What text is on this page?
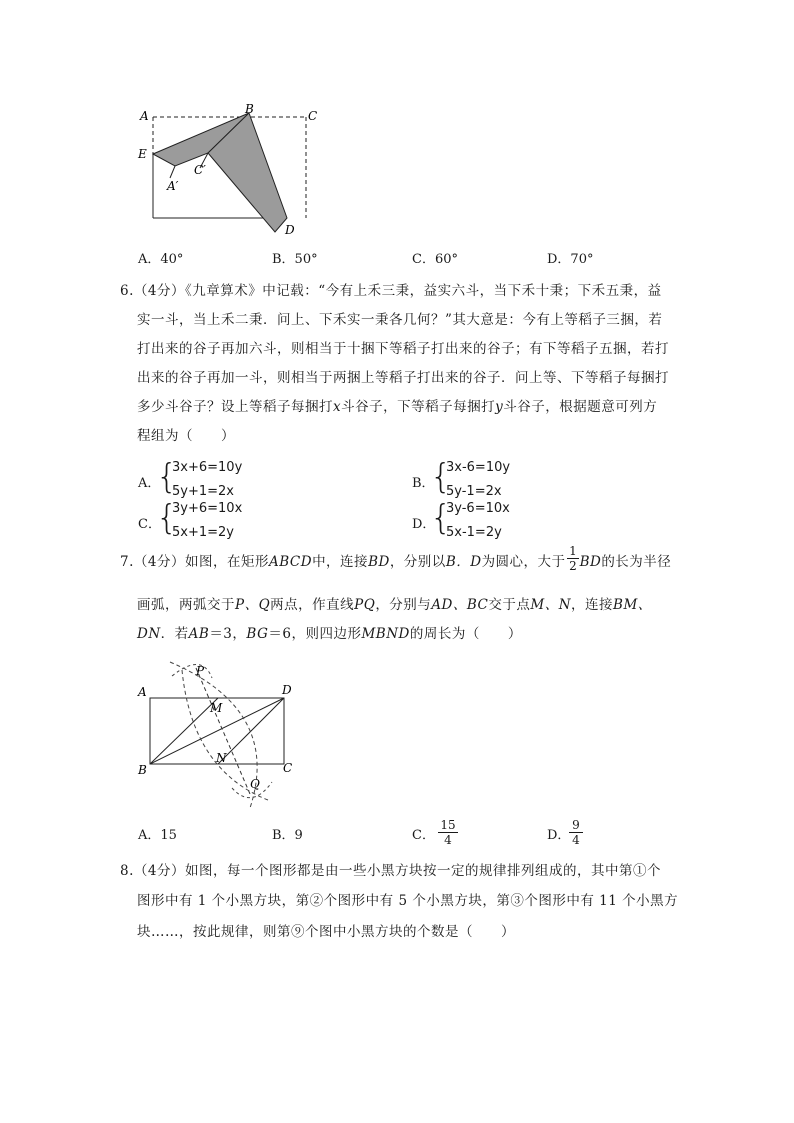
A	B	C
E
A′
C′
D
A．40°	B．50°	C．60°	D．70°
6.（4分）《九章算术》中记载：“今有上禾三秉，益实六斗，当下禾十秉；下禾五秉，益
实一斗，当上禾二秉．问上、下禾实一秉各几何？”其大意是：今有上等稻子三捆，若
打出来的谷子再加六斗，则相当于十捆下等稻子打出来的谷子；有下等稻子五捆，若打
出来的谷子再加一斗，则相当于两捆上等稻子打出来的谷子．问上等、下等稻子每捆打
多少斗谷子？设上等稻子每捆打x斗谷子，下等稻子每捆打y斗谷子，根据题意可列方
程组为（　　）
A．
{
3x+6=10y
5y+1=2x
B．
{
3x-6=10y
5y-1=2x
C．
{
3y+6=10x
5x+1=2y
D．
{
3y-6=10x
5x-1=2y
7.（4分）如图，在矩形ABCD中，连接BD，分别以B．D为圆心，大于 BD的长为半径
$\frac{1}{2}$
画弧，两弧交于P、Q两点，作直线PQ，分别与AD、BC交于点M、N，连接BM、
DN．若AB＝3，BG＝6，则四边形MBND的周长为（　　）
A	D
B	C
P
M
N
Q
A．15	B．9	C． $\frac{15}{4}$	D．
$\frac{9}{4}$
8.（4分）如图，每一个图形都是由一些小黑方块按一定的规律排列组成的，其中第①个
图形中有 1 个小黑方块，第②个图形中有 5 个小黑方块，第③个图形中有 11 个小黑方
块……，按此规律，则第⑨个图中小黑方块的个数是（　　）
